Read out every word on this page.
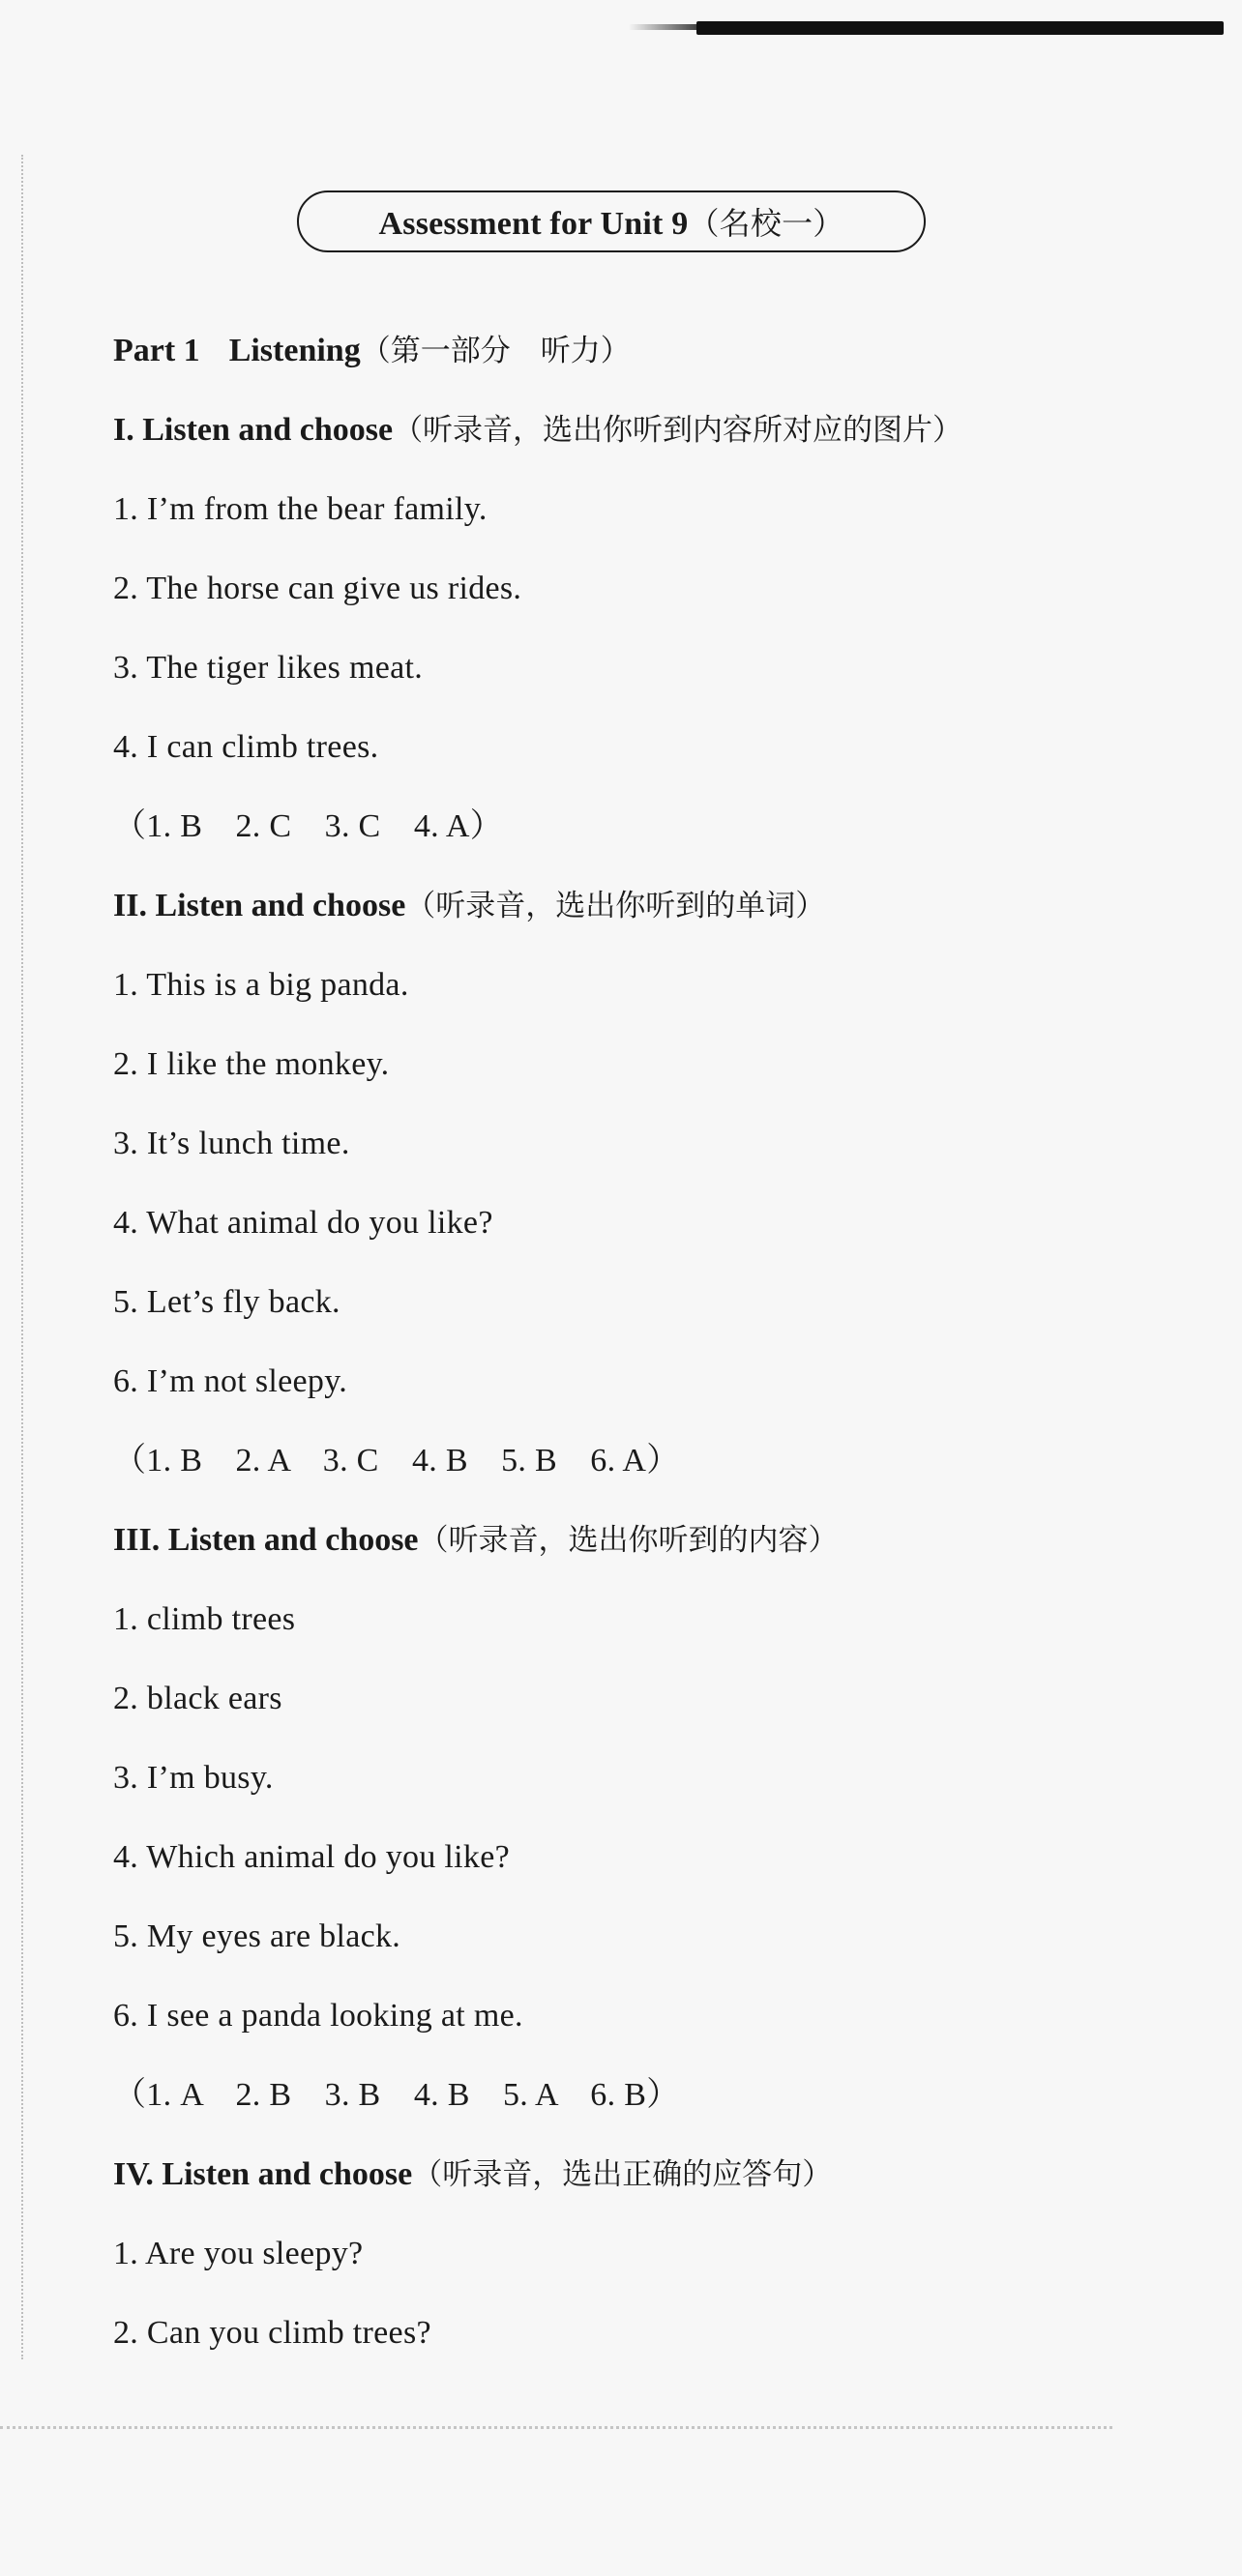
Assessment for Unit 9（名校一）
Part 1 Listening（第一部分　听力）
I. Listen and choose（听录音，选出你听到内容所对应的图片）
1. I’m from the bear family.
2. The horse can give us rides.
3. The tiger likes meat.
4. I can climb trees.
（1. B　2. C　3. C　4. A）
II. Listen and choose（听录音，选出你听到的单词）
1. This is a big panda.
2. I like the monkey.
3. It’s lunch time.
4. What animal do you like?
5. Let’s fly back.
6. I’m not sleepy.
（1. B　2. A　3. C　4. B　5. B　6. A）
III. Listen and choose（听录音，选出你听到的内容）
1. climb trees
2. black ears
3. I’m busy.
4. Which animal do you like?
5. My eyes are black.
6. I see a panda looking at me.
（1. A　2. B　3. B　4. B　5. A　6. B）
IV. Listen and choose（听录音，选出正确的应答句）
1. Are you sleepy?
2. Can you climb trees?
